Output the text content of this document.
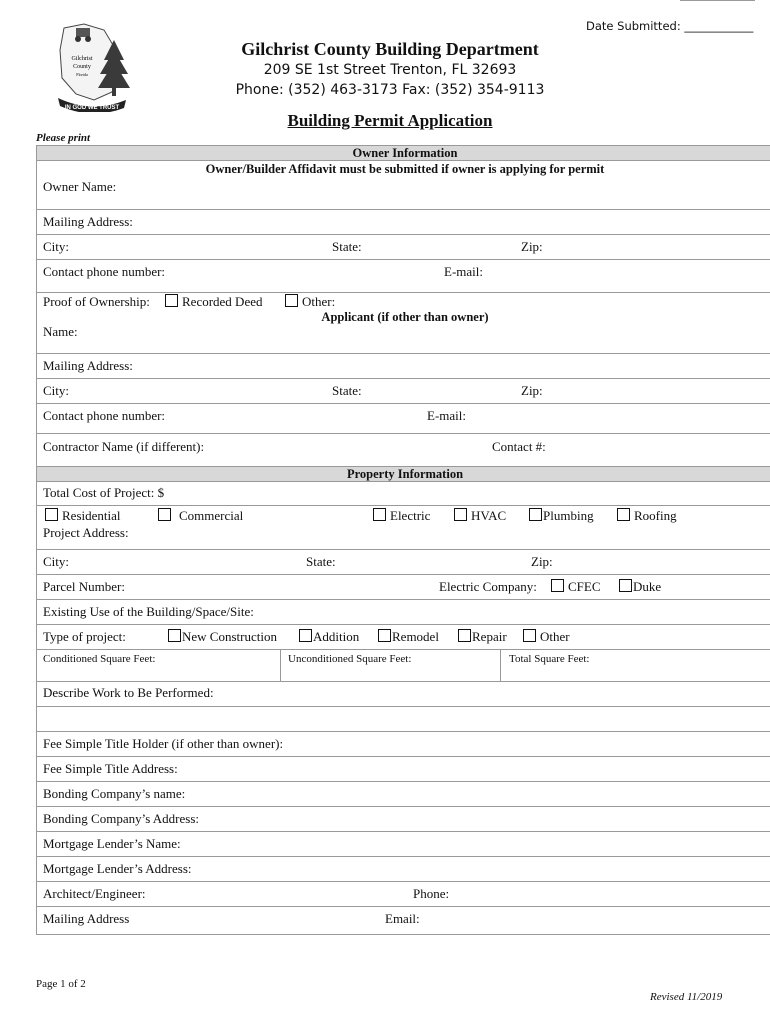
Date Submitted: ____________
Gilchrist
County
Florida
IN GOD WE TRUST
Gilchrist County Building Department
209 SE 1st Street Trenton, FL 32693
Phone: (352) 463-3173 Fax: (352) 354-9113
Building Permit Application
Please print
Owner Information
Owner/Builder Affidavit must be submitted if owner is applying for permit
Owner Name:
Mailing Address:
City:	State:	Zip:
Contact phone number:	E-mail:
Proof of Ownership:	Recorded Deed	Other:
Applicant (if other than owner)
Name:
Mailing Address:
City:	State:	Zip:
Contact phone number:	E-mail:
Contractor Name (if different):	Contact #:
Property Information
Total Cost of Project: $
Residential	Commercial	Electric	HVAC	Plumbing	Roofing
Project Address:
City:	State:	Zip:
Parcel Number:	Electric Company:	CFEC	Duke
Existing Use of the Building/Space/Site:
Type of project:	New Construction	Addition	Remodel	Repair	Other
Conditioned Square Feet:	Unconditioned Square Feet:	Total Square Feet:
Describe Work to Be Performed:
Fee Simple Title Holder (if other than owner):
Fee Simple Title Address:
Bonding Company’s name:
Bonding Company’s Address:
Mortgage Lender’s Name:
Mortgage Lender’s Address:
Architect/Engineer:	Phone:
Mailing Address	Email:
Page 1 of 2
Revised 11/2019
